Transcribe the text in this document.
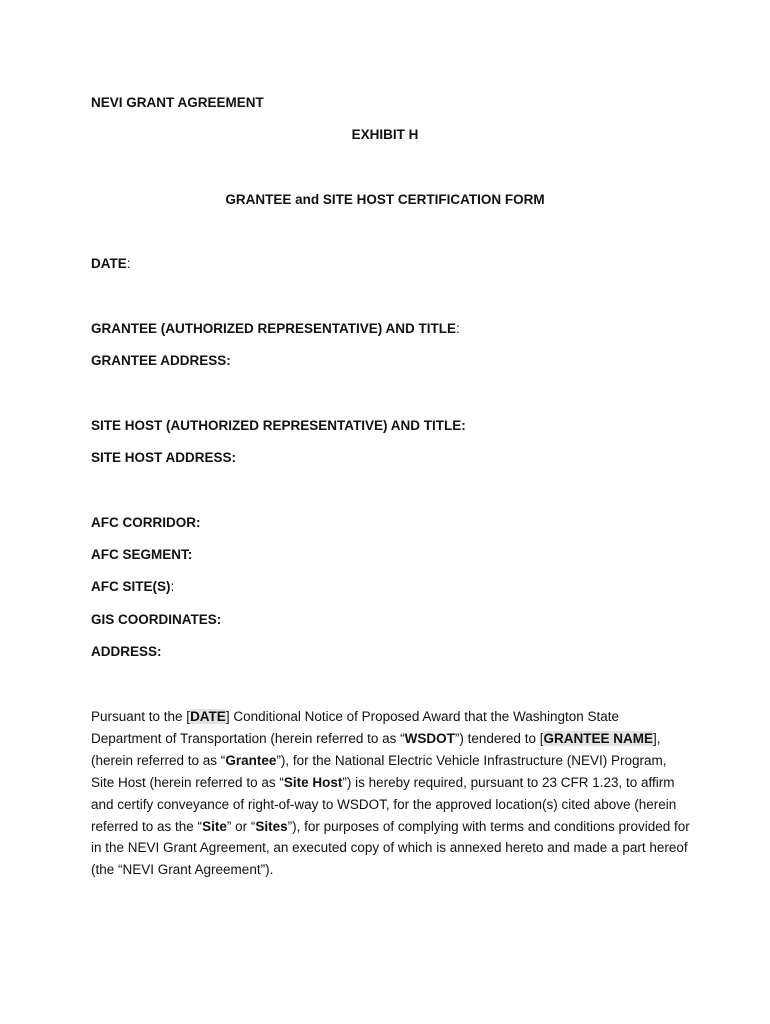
NEVI GRANT AGREEMENT
EXHIBIT H
GRANTEE and SITE HOST CERTIFICATION FORM
DATE:
GRANTEE (AUTHORIZED REPRESENTATIVE) AND TITLE:
GRANTEE ADDRESS:
SITE HOST (AUTHORIZED REPRESENTATIVE) AND TITLE:
SITE HOST ADDRESS:
AFC CORRIDOR:
AFC SEGMENT:
AFC SITE(S):
GIS COORDINATES:
ADDRESS:
Pursuant to the [DATE] Conditional Notice of Proposed Award that the Washington State Department of Transportation (herein referred to as “WSDOT”) tendered to [GRANTEE NAME], (herein referred to as “Grantee”), for the National Electric Vehicle Infrastructure (NEVI) Program, Site Host (herein referred to as “Site Host”) is hereby required, pursuant to 23 CFR 1.23, to affirm and certify conveyance of right-of-way to WSDOT, for the approved location(s) cited above (herein referred to as the “Site” or “Sites”), for purposes of complying with terms and conditions provided for in the NEVI Grant Agreement, an executed copy of which is annexed hereto and made a part hereof (the “NEVI Grant Agreement”).
